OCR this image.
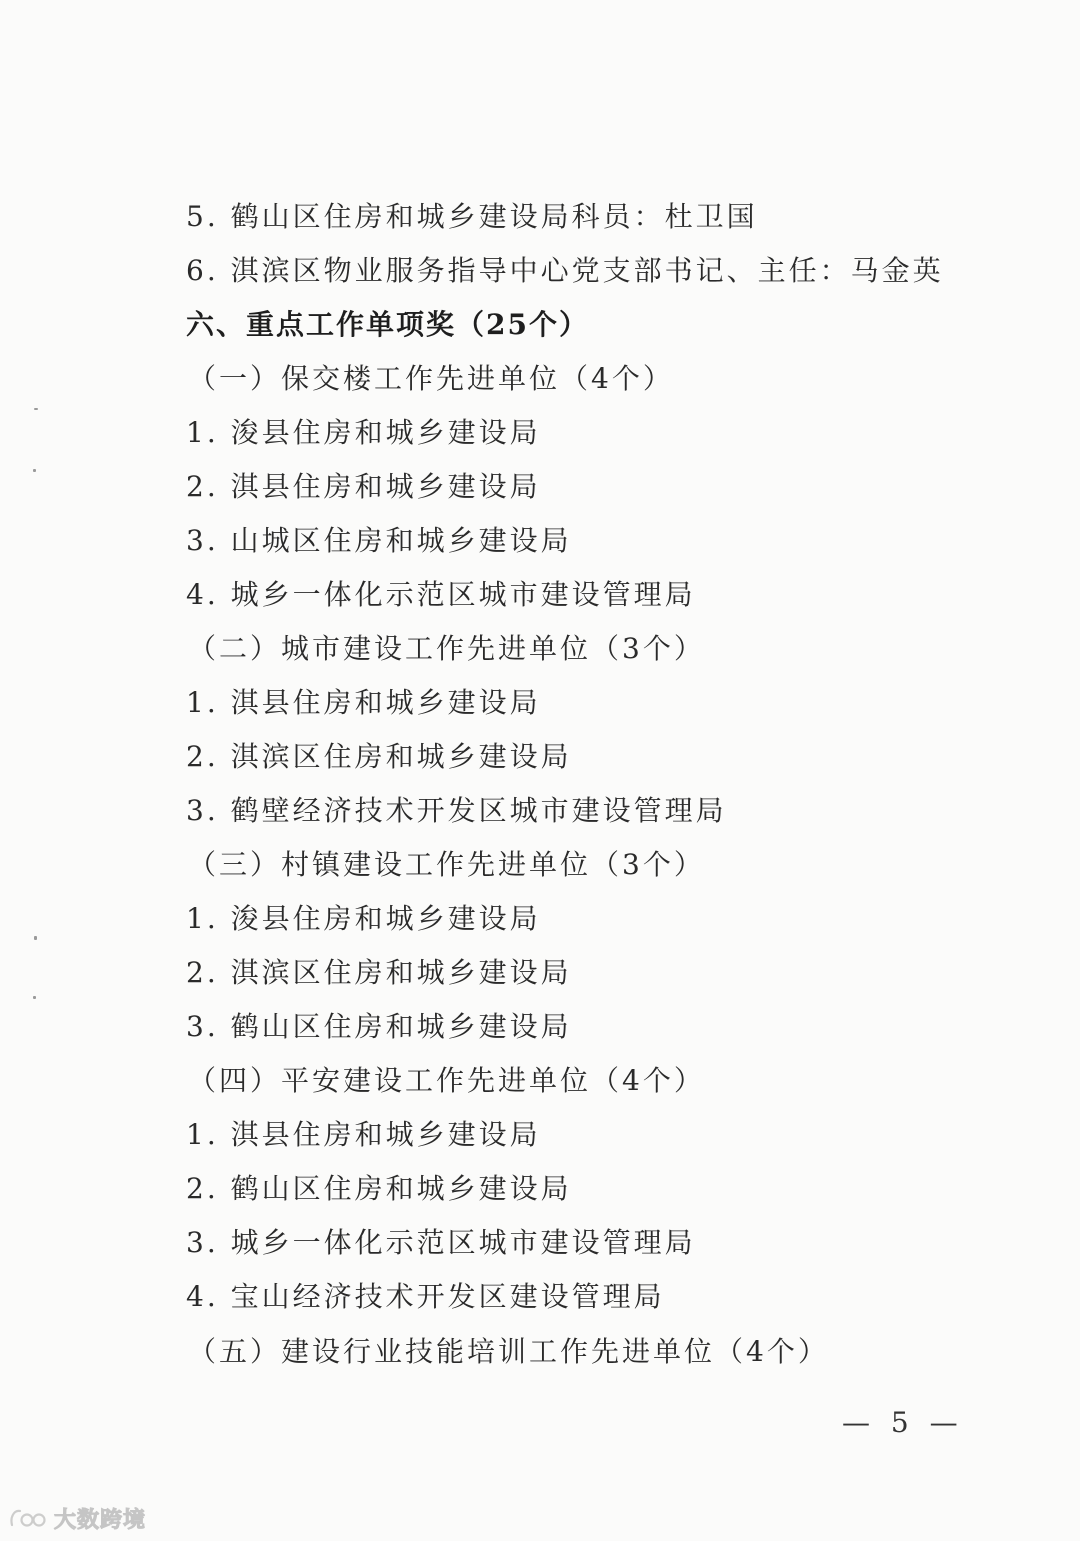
5. 鹤山区住房和城乡建设局科员：杜卫国
6. 淇滨区物业服务指导中心党支部书记、主任：马金英
六、重点工作单项奖（25个）
（一）保交楼工作先进单位（4个）
1. 浚县住房和城乡建设局
2. 淇县住房和城乡建设局
3. 山城区住房和城乡建设局
4. 城乡一体化示范区城市建设管理局
（二）城市建设工作先进单位（3个）
1. 淇县住房和城乡建设局
2. 淇滨区住房和城乡建设局
3. 鹤壁经济技术开发区城市建设管理局
（三）村镇建设工作先进单位（3个）
1. 浚县住房和城乡建设局
2. 淇滨区住房和城乡建设局
3. 鹤山区住房和城乡建设局
（四）平安建设工作先进单位（4个）
1. 淇县住房和城乡建设局
2. 鹤山区住房和城乡建设局
3. 城乡一体化示范区城市建设管理局
4. 宝山经济技术开发区建设管理局
（五）建设行业技能培训工作先进单位（4个）
— 5 —
大数跨境
